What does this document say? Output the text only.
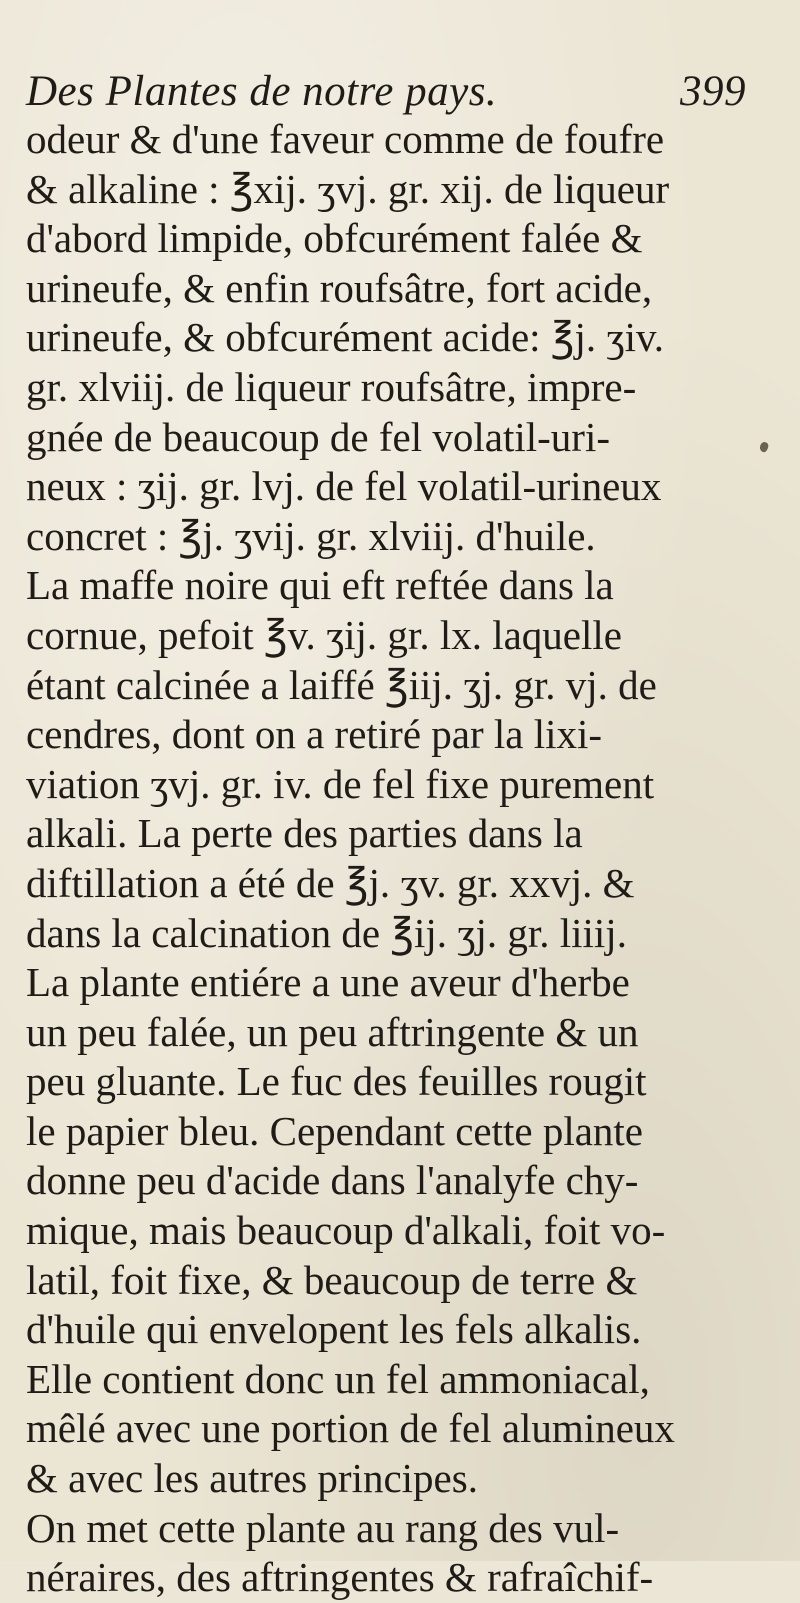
Des Plantes de notre pays.	399
odeur & d'une faveur comme de foufre
& alkaline : ℥xij. ʒvj. gr. xij. de liqueur
d'abord limpide, obfcurément falée &
urineufe, & enfin roufsâtre, fort acide,
urineufe, & obfcurément acide: ℥j. ʒiv.
gr. xlviij. de liqueur roufsâtre, impre-
gnée de beaucoup de fel volatil-uri-
neux : ʒij. gr. lvj. de fel volatil-urineux
concret : ℥j. ʒvij. gr. xlviij. d'huile.
La maffe noire qui eft reftée dans la
cornue, pefoit ℥v. ʒij. gr. lx. laquelle
étant calcinée a laiffé ℥iij. ʒj. gr. vj. de
cendres, dont on a retiré par la lixi-
viation ʒvj. gr. iv. de fel fixe purement
alkali. La perte des parties dans la
diftillation a été de ℥j. ʒv. gr. xxvj. &
dans la calcination de ℥ij. ʒj. gr. liiij.
La plante entiére a une aveur d'herbe
un peu falée, un peu aftringente & un
peu gluante. Le fuc des feuilles rougit
le papier bleu. Cependant cette plante
donne peu d'acide dans l'analyfe chy-
mique, mais beaucoup d'alkali, foit vo-
latil, foit fixe, & beaucoup de terre &
d'huile qui envelopent les fels alkalis.
Elle contient donc un fel ammoniacal,
mêlé avec une portion de fel alumineux
& avec les autres principes.
On met cette plante au rang des vul-
néraires, des aftringentes & rafraîchif-
